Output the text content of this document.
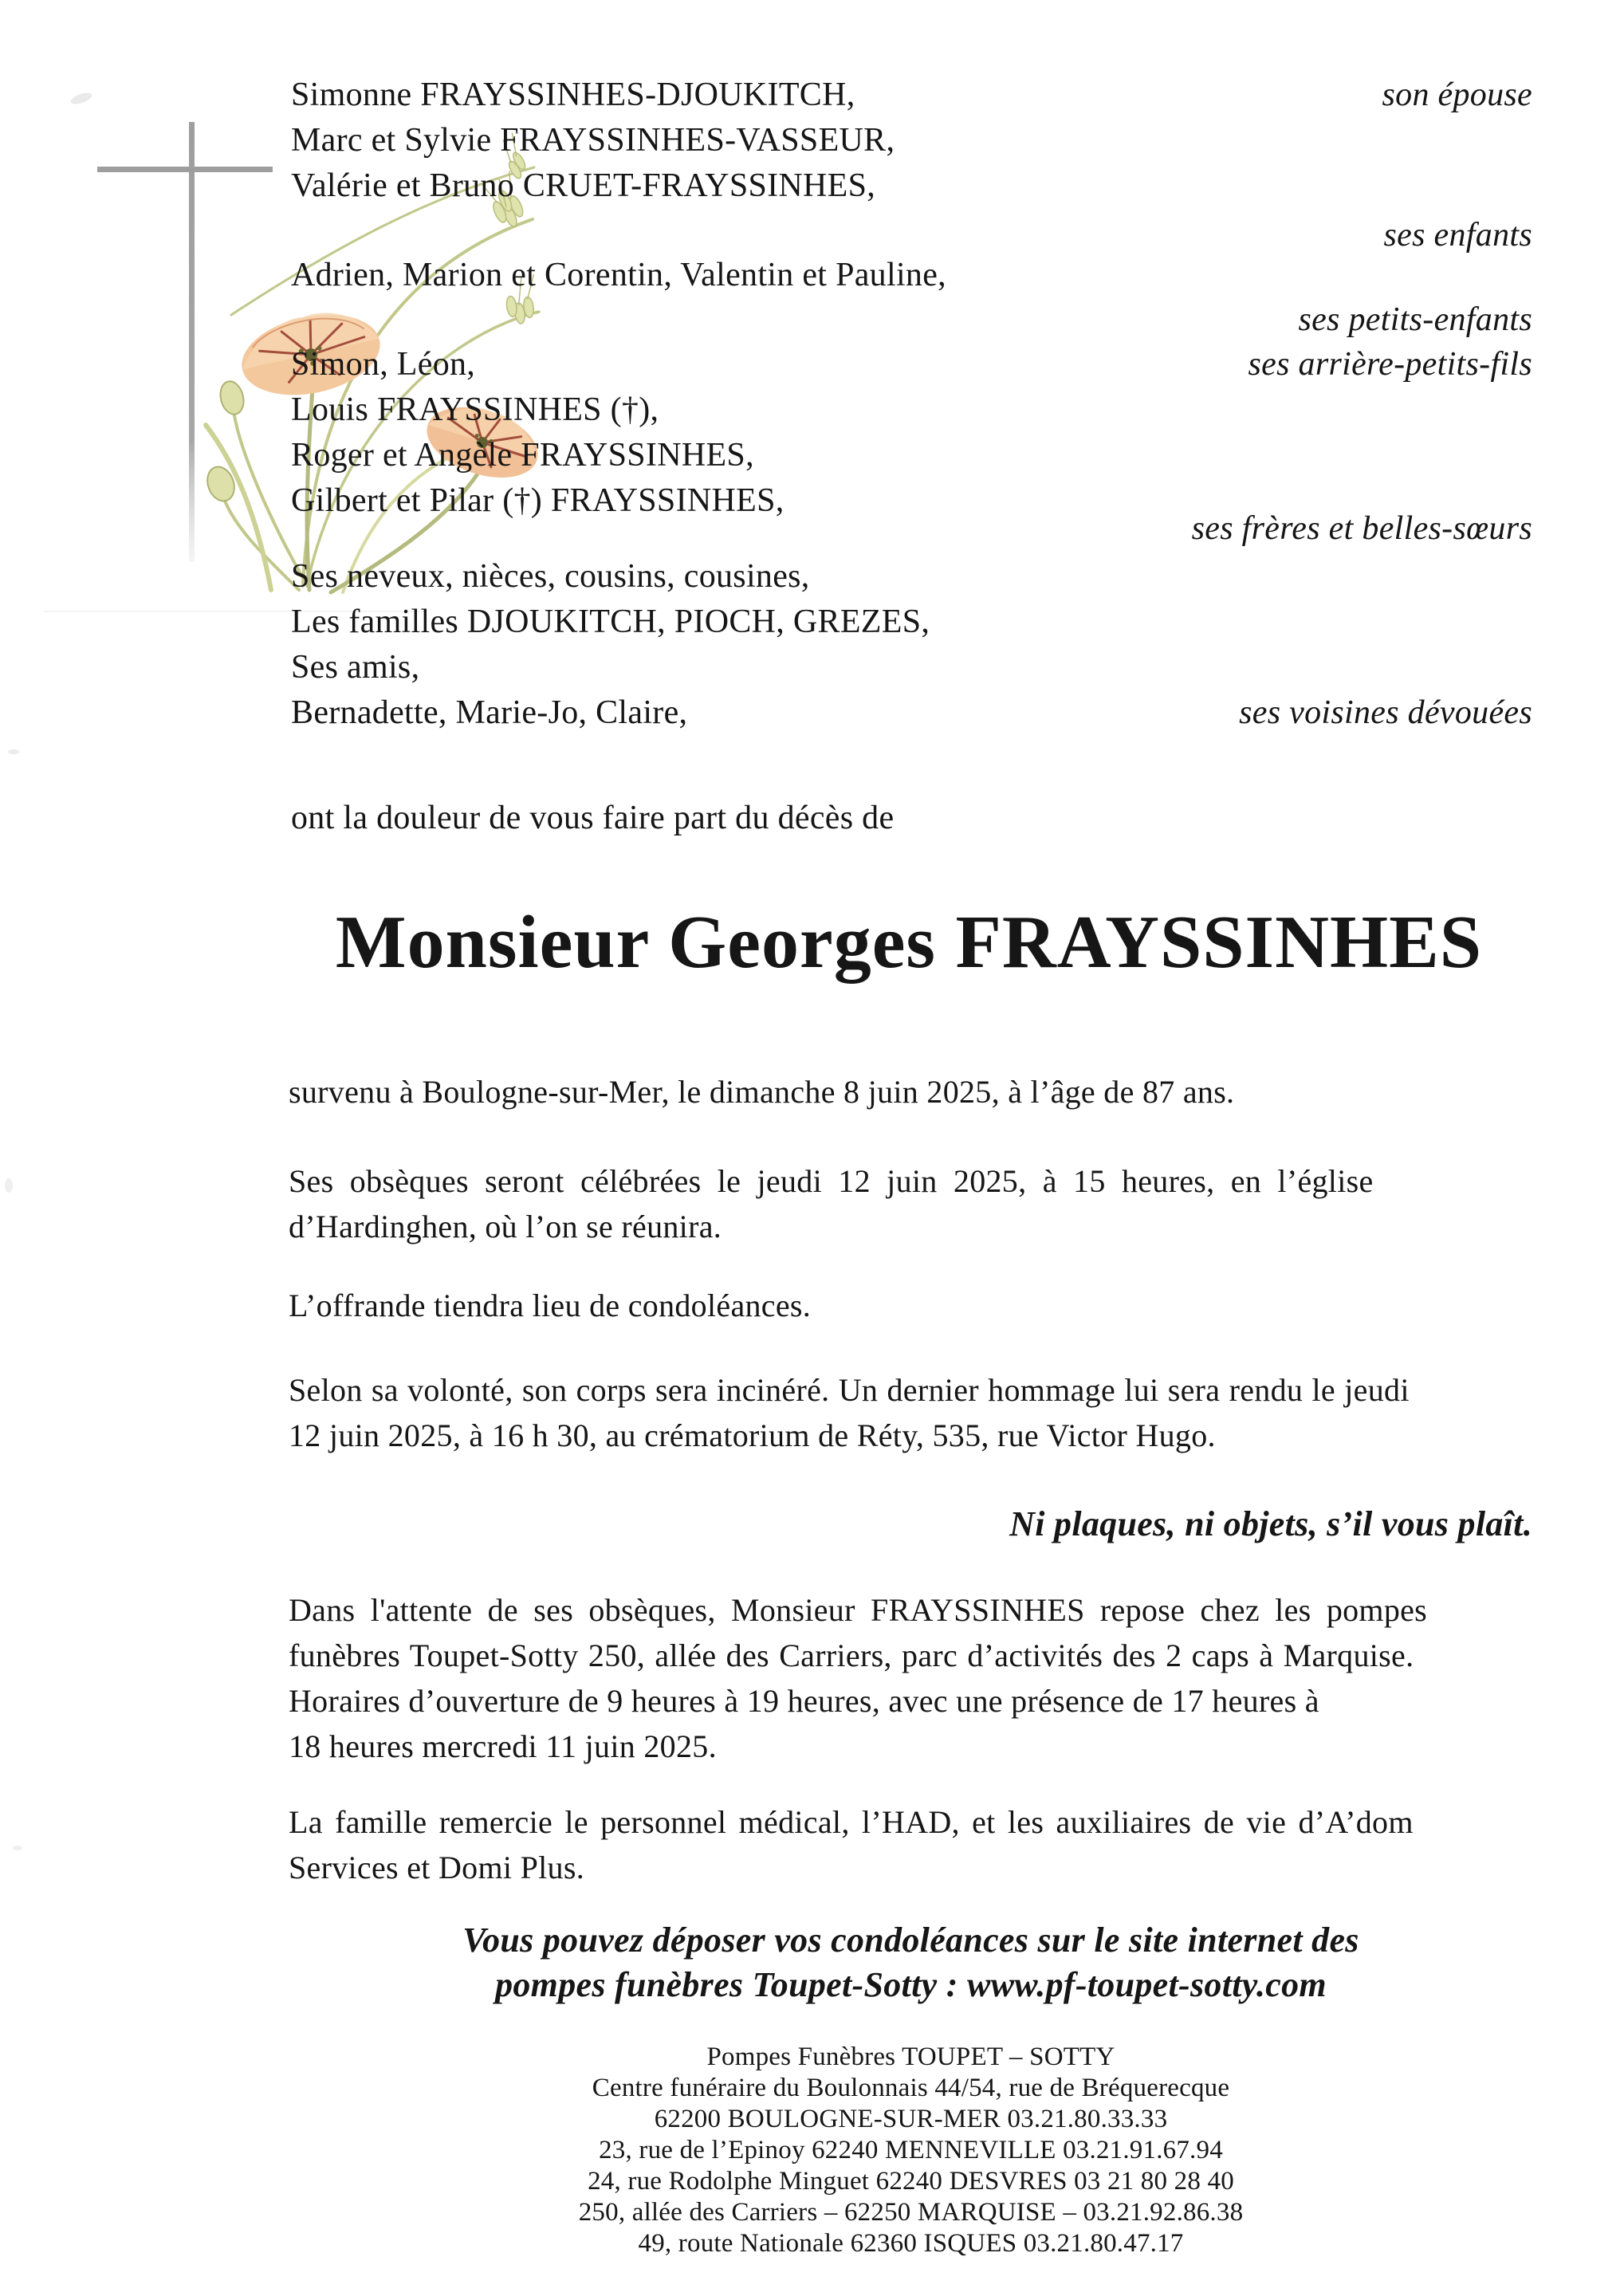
Simonne FRAYSSINHES-DJOUKITCH,
Marc et Sylvie FRAYSSINHES-VASSEUR,
Valérie et Bruno CRUET-FRAYSSINHES,
Adrien, Marion et Corentin, Valentin et Pauline,
Simon, Léon,
Louis FRAYSSINHES (†),
Roger et Angèle FRAYSSINHES,
Gilbert et Pilar (†) FRAYSSINHES,
Ses neveux, nièces, cousins, cousines,
Les familles DJOUKITCH, PIOCH, GREZES,
Ses amis,
Bernadette, Marie-Jo, Claire,
son épouse
ses enfants
ses petits-enfants
ses arrière-petits-fils
ses frères et belles-sœurs
ses voisines dévouées
ont la douleur de vous faire part du décès de
Monsieur Georges FRAYSSINHES
survenu à Boulogne-sur-Mer, le dimanche 8 juin 2025, à l’âge de 87 ans.
Ses obsèques seront célébrées le jeudi 12 juin 2025, à 15 heures, en l’église
d’Hardinghen, où l’on se réunira.
L’offrande tiendra lieu de condoléances.
Selon sa volonté, son corps sera incinéré. Un dernier hommage lui sera rendu le jeudi
12 juin 2025, à 16 h 30, au crématorium de Réty, 535, rue Victor Hugo.
Ni plaques, ni objets, s’il vous plaît.
Dans l'attente de ses obsèques, Monsieur FRAYSSINHES repose chez les pompes
funèbres Toupet-Sotty 250, allée des Carriers, parc d’activités des 2 caps à Marquise.
Horaires d’ouverture de 9 heures à 19 heures, avec une présence de 17 heures à
18 heures mercredi 11 juin 2025.
La famille remercie le personnel médical, l’HAD, et les auxiliaires de vie d’A’dom
Services et Domi Plus.
Vous pouvez déposer vos condoléances sur le site internet des
pompes funèbres Toupet-Sotty : www.pf-toupet-sotty.com
Pompes Funèbres TOUPET – SOTTY
Centre funéraire du Boulonnais 44/54, rue de Bréquerecque
62200 BOULOGNE-SUR-MER 03.21.80.33.33
23, rue de l’Epinoy 62240 MENNEVILLE 03.21.91.67.94
24, rue Rodolphe Minguet 62240 DESVRES 03 21 80 28 40
250, allée des Carriers – 62250 MARQUISE – 03.21.92.86.38
49, route Nationale 62360 ISQUES 03.21.80.47.17
